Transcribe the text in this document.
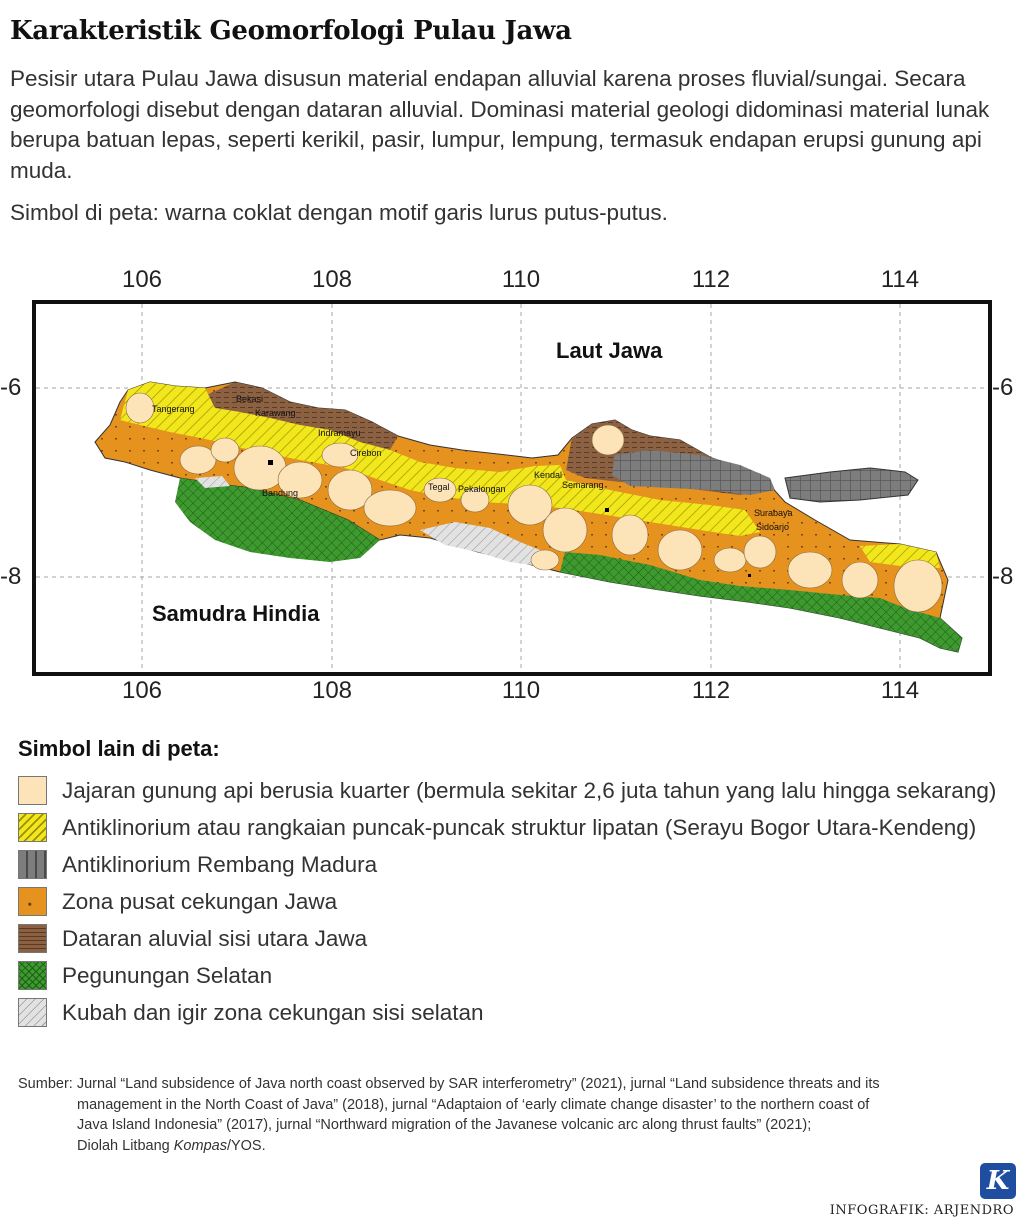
Karakteristik Geomorfologi Pulau Jawa
Pesisir utara Pulau Jawa disusun material endapan alluvial karena proses fluvial/sungai. Secara geomorfologi disebut dengan dataran alluvial. Dominasi material geologi didominasi material lunak berupa batuan lepas, seperti kerikil, pasir, lumpur, lempung, termasuk endapan erupsi gunung api muda.
Simbol di peta: warna coklat dengan motif garis lurus putus-putus.
106	108	110	112	114
106	108	110	112	114
-6
-8
-6
-8
Tangerang
Bekasi
Karawang
Indramayu
Cirebon
Bandung
Tegal Pekalongan
Kendal
Semarang
Surabaya
Sidoarjo
Laut Jawa
Samudra Hindia
Simbol lain di peta:
Jajaran gunung api berusia kuarter (bermula sekitar 2,6 juta tahun yang lalu hingga sekarang)
Antiklinorium atau rangkaian puncak-puncak struktur lipatan (Serayu Bogor Utara-Kendeng)
Antiklinorium Rembang Madura
Zona pusat cekungan Jawa
Dataran aluvial sisi utara Jawa
Pegunungan Selatan
Kubah dan igir zona cekungan sisi selatan
Sumber: Jurnal “Land subsidence of Java north coast observed by SAR interferometry” (2021), jurnal “Land subsidence threats and its
management in the North Coast of Java” (2018), jurnal “Adaptaion of ‘early climate change disaster’ to the northern coast of
Java Island Indonesia” (2017), jurnal “Northward migration of the Javanese volcanic arc along thrust faults” (2021);
Diolah Litbang Kompas/YOS.
K
INFOGRAFIK: ARJENDRO
